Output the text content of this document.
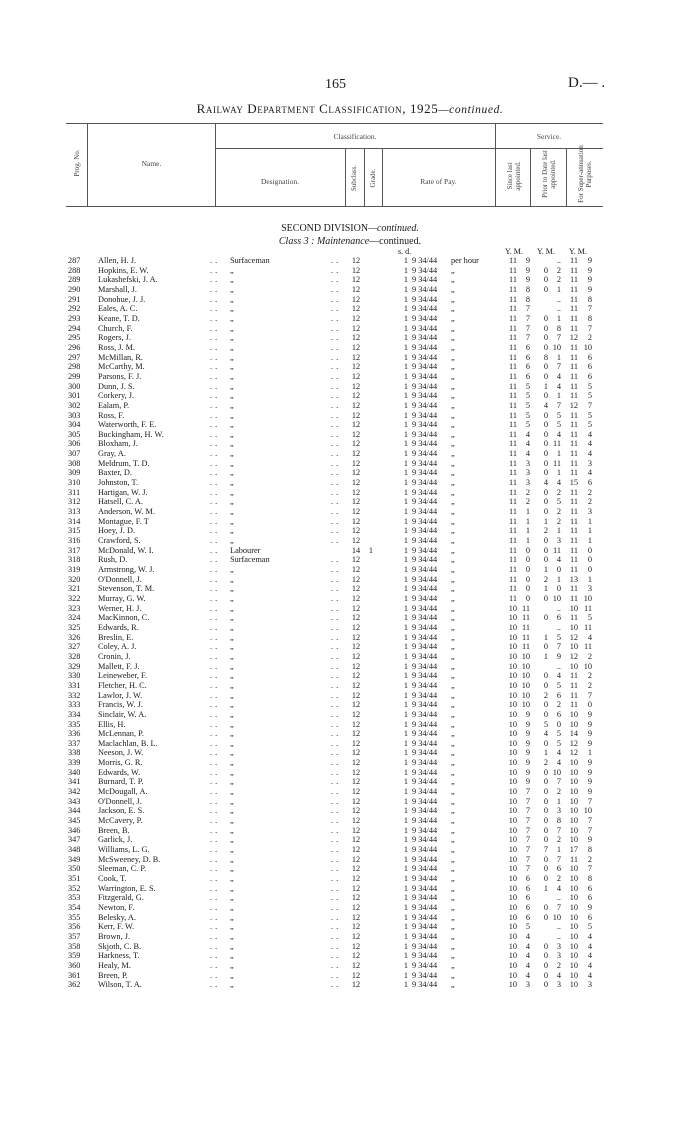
165	D.— .
Railway Department Classification, 1925—continued.
Prog. No.	Name.
Classification.
Designation.	Subclass. Grade.	Rate of Pay.
Service.
Since last appointed.	Prior to Date last appointed.	For Super-annuation Purposes.
SECOND DIVISION—continued.
Class 3 : Maintenance—continued.
s. d.	Y. M. Y. M. Y. M.
287	Allen, H. J.	.. Surfaceman	..	12	1 9 34/44 per hour	11	9	..	11	9
288	Hopkins, E. W.	.. „	..	12	1 9 34/44 „	11	9	0	2	11	9
289	Lukashefski, J. A.	.. „	..	12	1 9 34/44 „	11	9	0	2	11	9
290	Marshall, J.	.. „	..	12	1 9 34/44 „	11	8	0	1	11	9
291	Donohue, J. J.	.. „	..	12	1 9 34/44 „	11	8	..	11	8
292	Eales, A. C.	.. „	..	12	1 9 34/44 „	11	7	..	11	7
293	Keane, T. D.	.. „	..	12	1 9 34/44 „	11	7	0	1	11	8
294	Church, F.	.. „	..	12	1 9 34/44 „	11	7	0	8	11	7
295	Rogers, J.	.. „	..	12	1 9 34/44 „	11	7	0	7	12	2
296	Ross, J. M.	.. „	..	12	1 9 34/44 „	11	6	0 10	11 10
297	McMillan, R.	.. „	..	12	1 9 34/44 „	11	6	8	1	11	6
298	McCarthy, M.	.. „	..	12	1 9 34/44 „	11	6	0	7	11	6
299	Parsons, F. J.	.. „	..	12	1 9 34/44 „	11	6	0	4	11	6
300	Dunn, J. S.	.. „	..	12	1 9 34/44 „	11	5	1	4	11	5
301	Corkery, J.	.. „	..	12	1 9 34/44 „	11	5	0	1	11	5
302	Ealam, P.	.. „	..	12	1 9 34/44 „	11	5	4	7	12	7
303	Ross, F.	.. „	..	12	1 9 34/44 „	11	5	0	5	11	5
304	Waterworth, F. E.	.. „	..	12	1 9 34/44 „	11	5	0	5	11	5
305	Buckingham, H. W.	.. „	..	12	1 9 34/44 „	11	4	0	4	11	4
306	Bloxham, J.	.. „	..	12	1 9 34/44 „	11	4	0 11	11	4
307	Gray, A.	.. „	..	12	1 9 34/44 „	11	4	0	1	11	4
308	Meldrum, T. D.	.. „	..	12	1 9 34/44 „	11	3	0 11	11	3
309	Baxter, D.	.. „	..	12	1 9 34/44 „	11	3	0	1	11	4
310	Johnston, T.	.. „	..	12	1 9 34/44 „	11	3	4	4	15	6
311	Hartigan, W. J.	.. „	..	12	1 9 34/44 „	11	2	0	2	11	2
312	Hatsell, C. A.	.. „	..	12	1 9 34/44 „	11	2	0	5	11	2
313	Anderson, W. M.	.. „	..	12	1 9 34/44 „	11	1	0	2	11	3
314	Montague, F. T	.. „	..	12	1 9 34/44 „	11	1	1	2	11	1
315	Hoey, J. D.	.. „	..	12	1 9 34/44 „	11	1	2	1	11	1
316	Crawford, S.	.. „	..	12	1 9 34/44 „	11	1	0	3	11	1
317	McDonald, W. I.	.. Labourer	14	1	1 9 34/44 „	11	0	0 11	11	0
318	Rush, D.	.. Surfaceman	..	12	1 9 34/44 „	11	0	0	4	11	0
319	Armstrong, W. J.	.. „	..	12	1 9 34/44 „	11	0	1	0	11	0
320	O'Donnell, J.	.. „	..	12	1 9 34/44 „	11	0	2	1	13	1
321	Stevenson, T. M.	.. „	..	12	1 9 34/44 „	11	0	1	0	11	3
322	Murray, G. W.	.. „	..	12	1 9 34/44 „	11	0	0 10	11 10
323	Werner, H. J.	.. „	..	12	1 9 34/44 „	10 11	..	10 11
324	MacKinnon, C.	.. „	..	12	1 9 34/44 „	10 11	0	6	11	5
325	Edwards, R.	.. „	..	12	1 9 34/44 „	10 11	..	10 11
326	Breslin, E.	.. „	..	12	1 9 34/44 „	10 11	1	5	12	4
327	Coley, A. J.	.. „	..	12	1 9 34/44 „	10 11	0	7	10 11
328	Cronin, J.	.. „	..	12	1 9 34/44 „	10 10	1	9	12	2
329	Mallett, F. J.	.. „	..	12	1 9 34/44 „	10 10	..	10 10
330	Leineweber, F.	.. „	..	12	1 9 34/44 „	10 10	0	4	11	2
331	Fletcher, H. C.	.. „	..	12	1 9 34/44 „	10 10	0	5	11	2
332	Lawlor, J. W.	.. „	..	12	1 9 34/44 „	10 10	2	6	11	7
333	Francis, W. J.	.. „	..	12	1 9 34/44 „	10 10	0	2	11	0
334	Sinclair, W. A.	.. „	..	12	1 9 34/44 „	10	9	0	6	10	9
335	Ellis, H.	.. „	..	12	1 9 34/44 „	10	9	5	0	10	9
336	McLennan, P.	.. „	..	12	1 9 34/44 „	10	9	4	5	14	9
337	Maclachlan, B. L.	.. „	..	12	1 9 34/44 „	10	9	0	5	12	9
338	Neeson, J. W.	.. „	..	12	1 9 34/44 „	10	9	1	4	12	1
339	Morris, G. R.	.. „	..	12	1 9 34/44 „	10	9	2	4	10	9
340	Edwards, W.	.. „	..	12	1 9 34/44 „	10	9	0 10	10	9
341	Burnard, T. P.	.. „	..	12	1 9 34/44 „	10	9	0	7	10	9
342	McDougall, A.	.. „	..	12	1 9 34/44 „	10	7	0	2	10	9
343	O'Donnell, J.	.. „	..	12	1 9 34/44 „	10	7	0	1	10	7
344	Jackson, E. S.	.. „	..	12	1 9 34/44 „	10	7	0	3	10 10
345	McCavery, P.	.. „	..	12	1 9 34/44 „	10	7	0	8	10	7
346	Breen, B.	.. „	..	12	1 9 34/44 „	10	7	0	7	10	7
347	Garlick, J.	.. „	..	12	1 9 34/44 „	10	7	0	2	10	9
348	Williams, L. G.	.. „	..	12	1 9 34/44 „	10	7	7	1	17	8
349	McSweeney, D. B.	.. „	..	12	1 9 34/44 „	10	7	0	7	11	2
350	Sleeman, C. P.	.. „	..	12	1 9 34/44 „	10	7	0	6	10	7
351	Cook, T.	.. „	..	12	1 9 34/44 „	10	6	0	2	10	8
352	Warrington, E. S.	.. „	..	12	1 9 34/44 „	10	6	1	4	10	6
353	Fitzgerald, G.	.. „	..	12	1 9 34/44 „	10	6	..	10	6
354	Newton, F.	.. „	..	12	1 9 34/44 „	10	6	0	7	10	9
355	Belesky, A.	.. „	..	12	1 9 34/44 „	10	6	0 10	10	6
356	Kerr, F. W.	.. „	..	12	1 9 34/44 „	10	5	..	10	5
357	Brown, J.	.. „	..	12	1 9 34/44 „	10	4	..	10	4
358	Skjoth, C. B.	.. „	..	12	1 9 34/44 „	10	4	0	3	10	4
359	Harkness, T.	.. „	..	12	1 9 34/44 „	10	4	0	3	10	4
360	Healy, M.	.. „	..	12	1 9 34/44 „	10	4	0	2	10	4
361	Breen, P.	.. „	..	12	1 9 34/44 „	10	4	0	4	10	4
362	Wilson, T. A.	.. „	..	12	1 9 34/44 „	10	3	0	3	10	3
